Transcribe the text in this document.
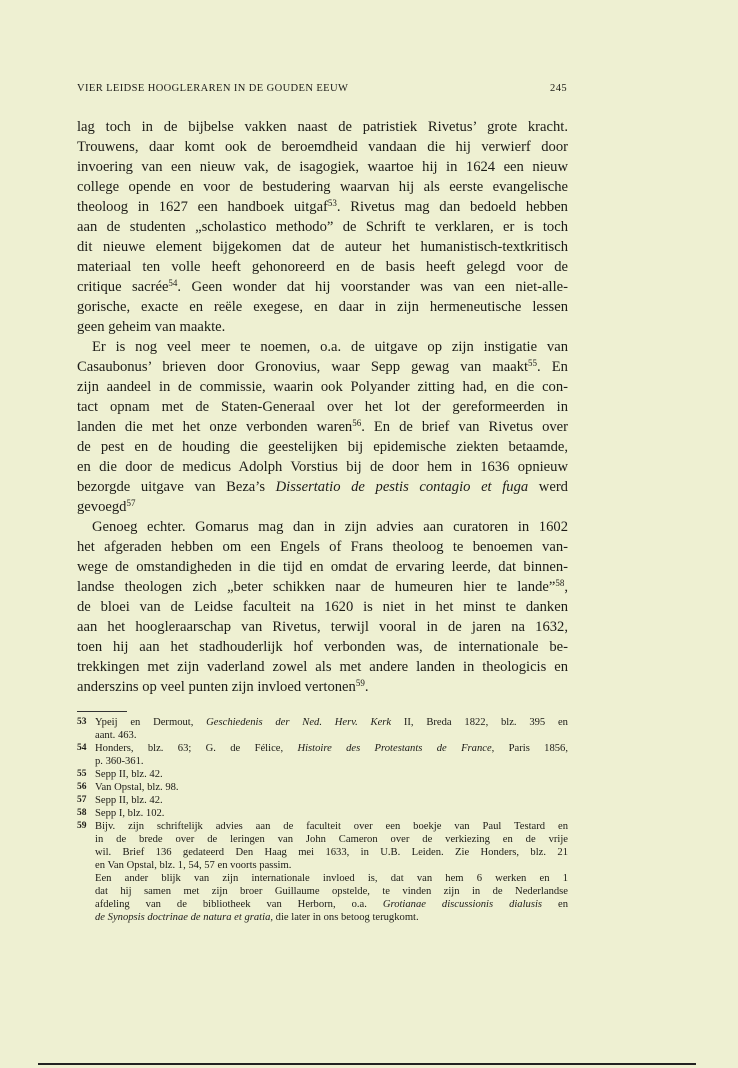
VIER LEIDSE HOOGLERAREN IN DE GOUDEN EEUW	245
lag toch in de bijbelse vakken naast de patristiek Rivetus’ grote kracht.
Trouwens, daar komt ook de beroemdheid vandaan die hij verwierf door
invoering van een nieuw vak, de isagogiek, waartoe hij in 1624 een nieuw
college opende en voor de bestudering waarvan hij als eerste evangelische
theoloog in 1627 een handboek uitgaf$^{53}$. Rivetus mag dan bedoeld hebben
aan de studenten „scholastico methodo” de Schrift te verklaren, er is toch
dit nieuwe element bijgekomen dat de auteur het humanistisch-textkritisch
materiaal ten volle heeft gehonoreerd en de basis heeft gelegd voor de
critique sacrée$^{54}$. Geen wonder dat hij voorstander was van een niet-alle-
gorische, exacte en reële exegese, en daar in zijn hermeneutische lessen
geen geheim van maakte.
Er is nog veel meer te noemen, o.a. de uitgave op zijn instigatie van
Casaubonus’ brieven door Gronovius, waar Sepp gewag van maakt$^{55}$. En
zijn aandeel in de commissie, waarin ook Polyander zitting had, en die con-
tact opnam met de Staten-Generaal over het lot der gereformeerden in
landen die met het onze verbonden waren$^{56}$. En de brief van Rivetus over
de pest en de houding die geestelijken bij epidemische ziekten betaamde,
en die door de medicus Adolph Vorstius bij de door hem in 1636 opnieuw
bezorgde uitgave van Beza’s Dissertatio de pestis contagio et fuga werd
gevoegd$^{57}$
Genoeg echter. Gomarus mag dan in zijn advies aan curatoren in 1602
het afgeraden hebben om een Engels of Frans theoloog te benoemen van-
wege de omstandigheden in die tijd en omdat de ervaring leerde, dat binnen-
landse theologen zich „beter schikken naar de humeuren hier te lande”$^{58}$,
de bloei van de Leidse faculteit na 1620 is niet in het minst te danken
aan het hoogleraarschap van Rivetus, terwijl vooral in de jaren na 1632,
toen hij aan het stadhouderlijk hof verbonden was, de internationale be-
trekkingen met zijn vaderland zowel als met andere landen in theologicis en
anderszins op veel punten zijn invloed vertonen$^{59}$.
53 Ypeij en Dermout, Geschiedenis der Ned. Herv. Kerk II, Breda 1822, blz. 395 en
aant. 463.
54 Honders, blz. 63; G. de Félice, Histoire des Protestants de France, Paris 1856,
p. 360-361.
55 Sepp II, blz. 42.
56 Van Opstal, blz. 98.
57 Sepp II, blz. 42.
58 Sepp I, blz. 102.
59 Bijv. zijn schriftelijk advies aan de faculteit over een boekje van Paul Testard en
in de brede over de leringen van John Cameron over de verkiezing en de vrije
wil. Brief 136 gedateerd Den Haag mei 1633, in U.B. Leiden. Zie Honders, blz. 21
en Van Opstal, blz. 1, 54, 57 en voorts passim.
Een ander blijk van zijn internationale invloed is, dat van hem 6 werken en 1
dat hij samen met zijn broer Guillaume opstelde, te vinden zijn in de Nederlandse
afdeling van de bibliotheek van Herborn, o.a. Grotianae discussionis dialusis en
de Synopsis doctrinae de natura et gratia, die later in ons betoog terugkomt.
